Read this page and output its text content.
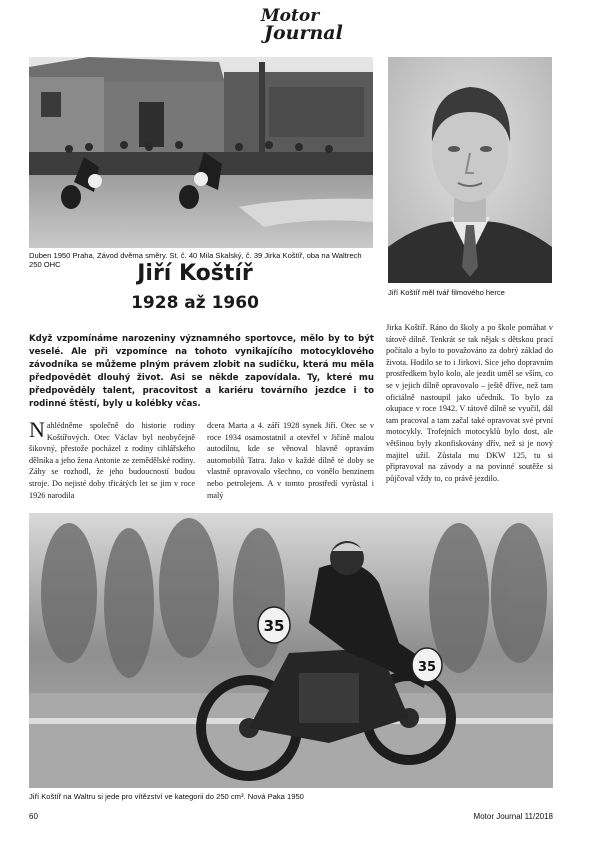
Motor
Journal
Duben 1950 Praha, Závod dvěma směry. St. č. 40 Mila Skalský, č. 39 Jirka Koštíř, oba na Waltrech 250 OHC
Jiří Koštíř měl tvář filmového herce
Jiří Koštíř
1928 až 1960
Když vzpomínáme narozeniny významného sportovce, mělo by to být veselé. Ale při vzpomínce na tohoto vynikajícího motocyklového závodníka se můžeme plným právem zlobit na sudičku, která mu měla předpovědět dlouhý život. Asi se někde zapovídala. Ty, které mu předpověděly talent, pracovitost a kariéru továrního jezdce i to rodinné štěstí, byly u kolébky včas.
Nahlédněme společně do historie rodiny Koštířových. Otec Václav byl neobyčejně šikovný, přestože pocházel z rodiny cihlářského dělníka a jeho žena Antonie ze zemědělské rodiny. Záhy se rozhodl, že jeho budoucností budou stroje. Do nejisté doby třicátých let se jim v roce 1926 narodila
dcera Marta a 4. září 1928 synek Jiří. Otec se v roce 1934 osamostatnil a otevřel v Jičíně malou autodílnu, kde se věnoval hlavně opravám automobilů Tatra. Jako v každé dílně té doby se vlastně opravovalo všechno, co vonělo benzinem nebo petrolejem. A v tomto prostředí vyrůstal i malý
Jirka Koštíř. Ráno do školy a po škole pomáhat v tátově dílně. Tenkrát se tak nějak s dětskou prací počítalo a bylo to považováno za dobrý základ do života. Hodilo se to i Jirkovi. Sice jeho dopravním prostředkem bylo kolo, ale jezdit uměl se vším, co se v jejich dílně opravovalo – ještě dříve, než tam oficiálně nastoupil jako učedník. To bylo za okupace v roce 1942. V tátově dílně se vyučil, dál tam pracoval a tam začal také opravovat své první motocykly. Trofejních motocyklů bylo dost, ale většinou byly zkonfiskovány dřív, než si je nový majitel užil. Zůstala mu DKW 125, tu si připravoval na závody a na povinné soutěže si půjčoval vždy to, co právě jezdilo.
35
35
Jiří Koštíř na Waltru si jede pro vítězství ve kategorii do 250 cm³. Nová Paka 1950
60	Motor Journal 11/2018
